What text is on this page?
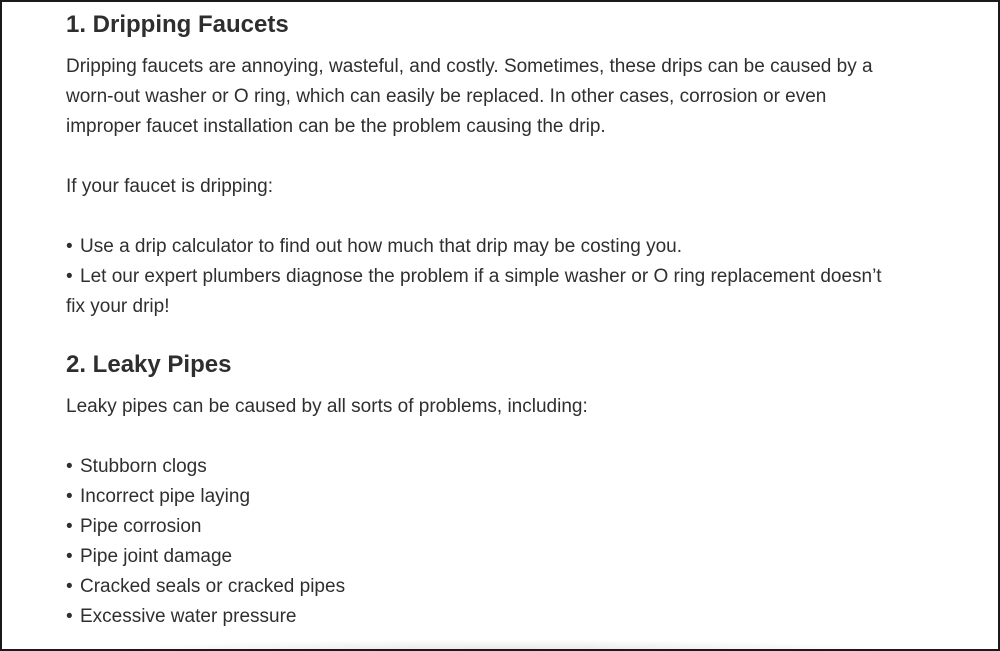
1. Dripping Faucets

Dripping faucets are annoying, wasteful, and costly. Sometimes, these drips can be caused by a
worn-out washer or O ring, which can easily be replaced. In other cases, corrosion or even
improper faucet installation can be the problem causing the drip.

If your faucet is dripping:

• Use a drip calculator to find out how much that drip may be costing you.
• Let our expert plumbers diagnose the problem if a simple washer or O ring replacement doesn’t
fix your drip!
2. Leaky Pipes

Leaky pipes can be caused by all sorts of problems, including:

• Stubborn clogs
• Incorrect pipe laying
• Pipe corrosion
• Pipe joint damage
• Cracked seals or cracked pipes
• Excessive water pressure
